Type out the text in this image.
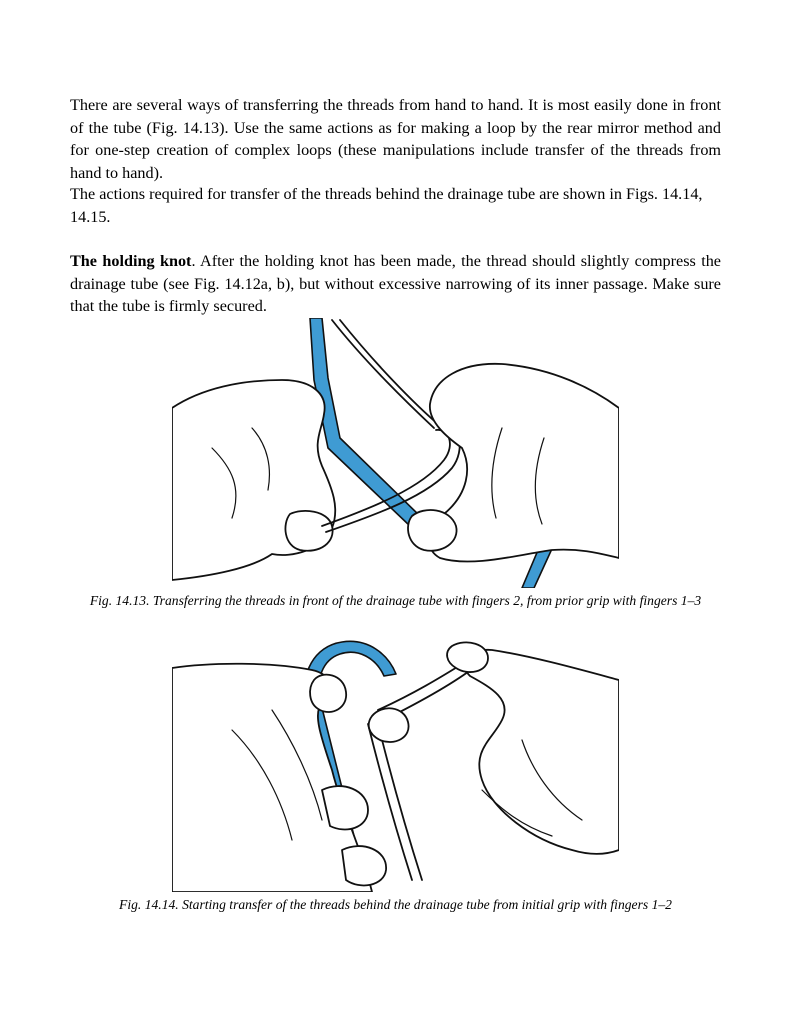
There are several ways of transferring the threads from hand to hand. It is most easily done in front of the tube (Fig. 14.13). Use the same actions as for making a loop by the rear mirror method and for one-step creation of complex loops (these manipulations include transfer of the threads from hand to hand).

The actions required for transfer of the threads behind the drainage tube are shown in Figs. 14.14, 14.15.

The holding knot. After the holding knot has been made, the thread should slightly compress the drainage tube (see Fig. 14.12a, b), but without excessive narrowing of its inner passage. Make sure that the tube is firmly secured.

Fig. 14.13. Transferring the threads in front of the drainage tube with fingers 2, from prior grip with fingers 1–3

Fig. 14.14. Starting transfer of the threads behind the drainage tube from initial grip with fingers 1–2
